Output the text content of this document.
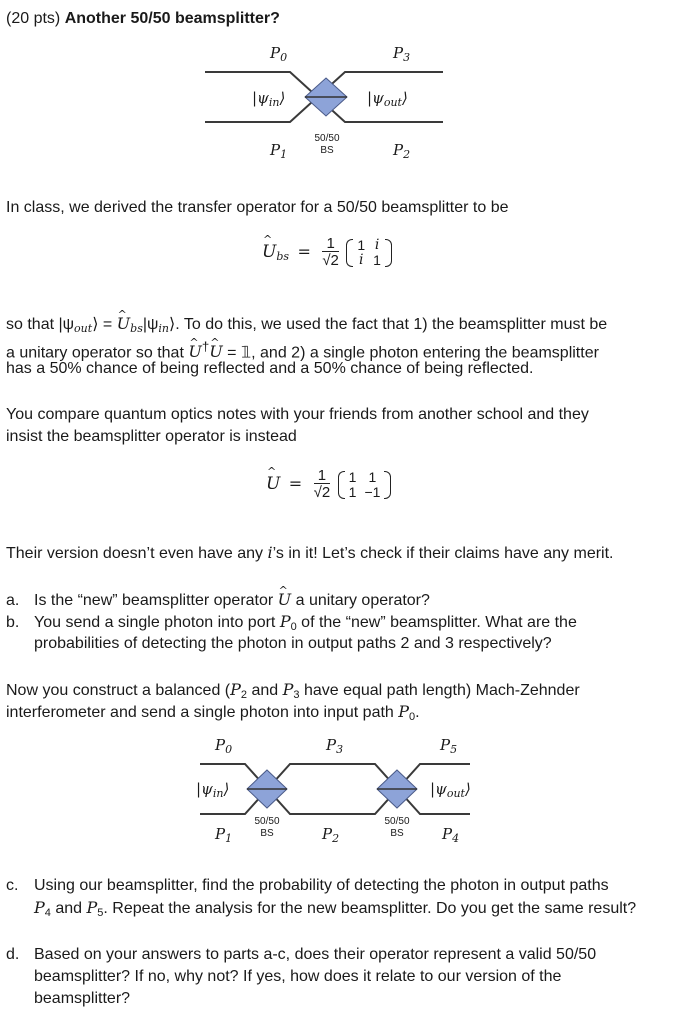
(20 pts) Another 50/50 beamsplitter?
$P_0$	$P_3$
$|\psi_{in}⟩$	$|\psi_{out}⟩$
$P_1$	$P_2$
50/50
BS
In class, we derived the transfer operator for a 50/50 beamsplitter to be
^ $U_{bs} = \frac{1}{√2}$
1	i
i	1
so that $|\psi_{out}⟩$ = ^ $U_{bs}|\psi_{in}⟩$. To do this, we used the fact that 1) the beamsplitter must be
a unitary operator so that ^ U†^ U = 𝟙, and 2) a single photon entering the beamsplitter
has a 50% chance of being reflected and a 50% chance of being reflected.
You compare quantum optics notes with your friends from another school and they
insist the beamsplitter operator is instead
^ $U = \frac{1}{√2}$
1	1
1	−1
Their version doesn’t even have any i’s in it! Let’s check if their claims have any merit.
a. Is the “new” beamsplitter operator ^ U a unitary operator?
b. You send a single photon into port $P_0$ of the “new” beamsplitter. What are the
probabilities of detecting the photon in output paths 2 and 3 respectively?
Now you construct a balanced ($P_2$ and $P_3$ have equal path length) Mach-Zehnder
interferometer and send a single photon into input path $P_0$.
$P_0$	$P_3$	$P_5$
$|\psi_{in}⟩$	$|\psi_{out}⟩$
$P_1$	$P_2$	$P_4$
50/50
BS
50/50
BS
c. Using our beamsplitter, find the probability of detecting the photon in output paths
$P_4$ and $P_5$. Repeat the analysis for the new beamsplitter. Do you get the same result?
d. Based on your answers to parts a-c, does their operator represent a valid 50/50
beamsplitter? If no, why not? If yes, how does it relate to our version of the
beamsplitter?
